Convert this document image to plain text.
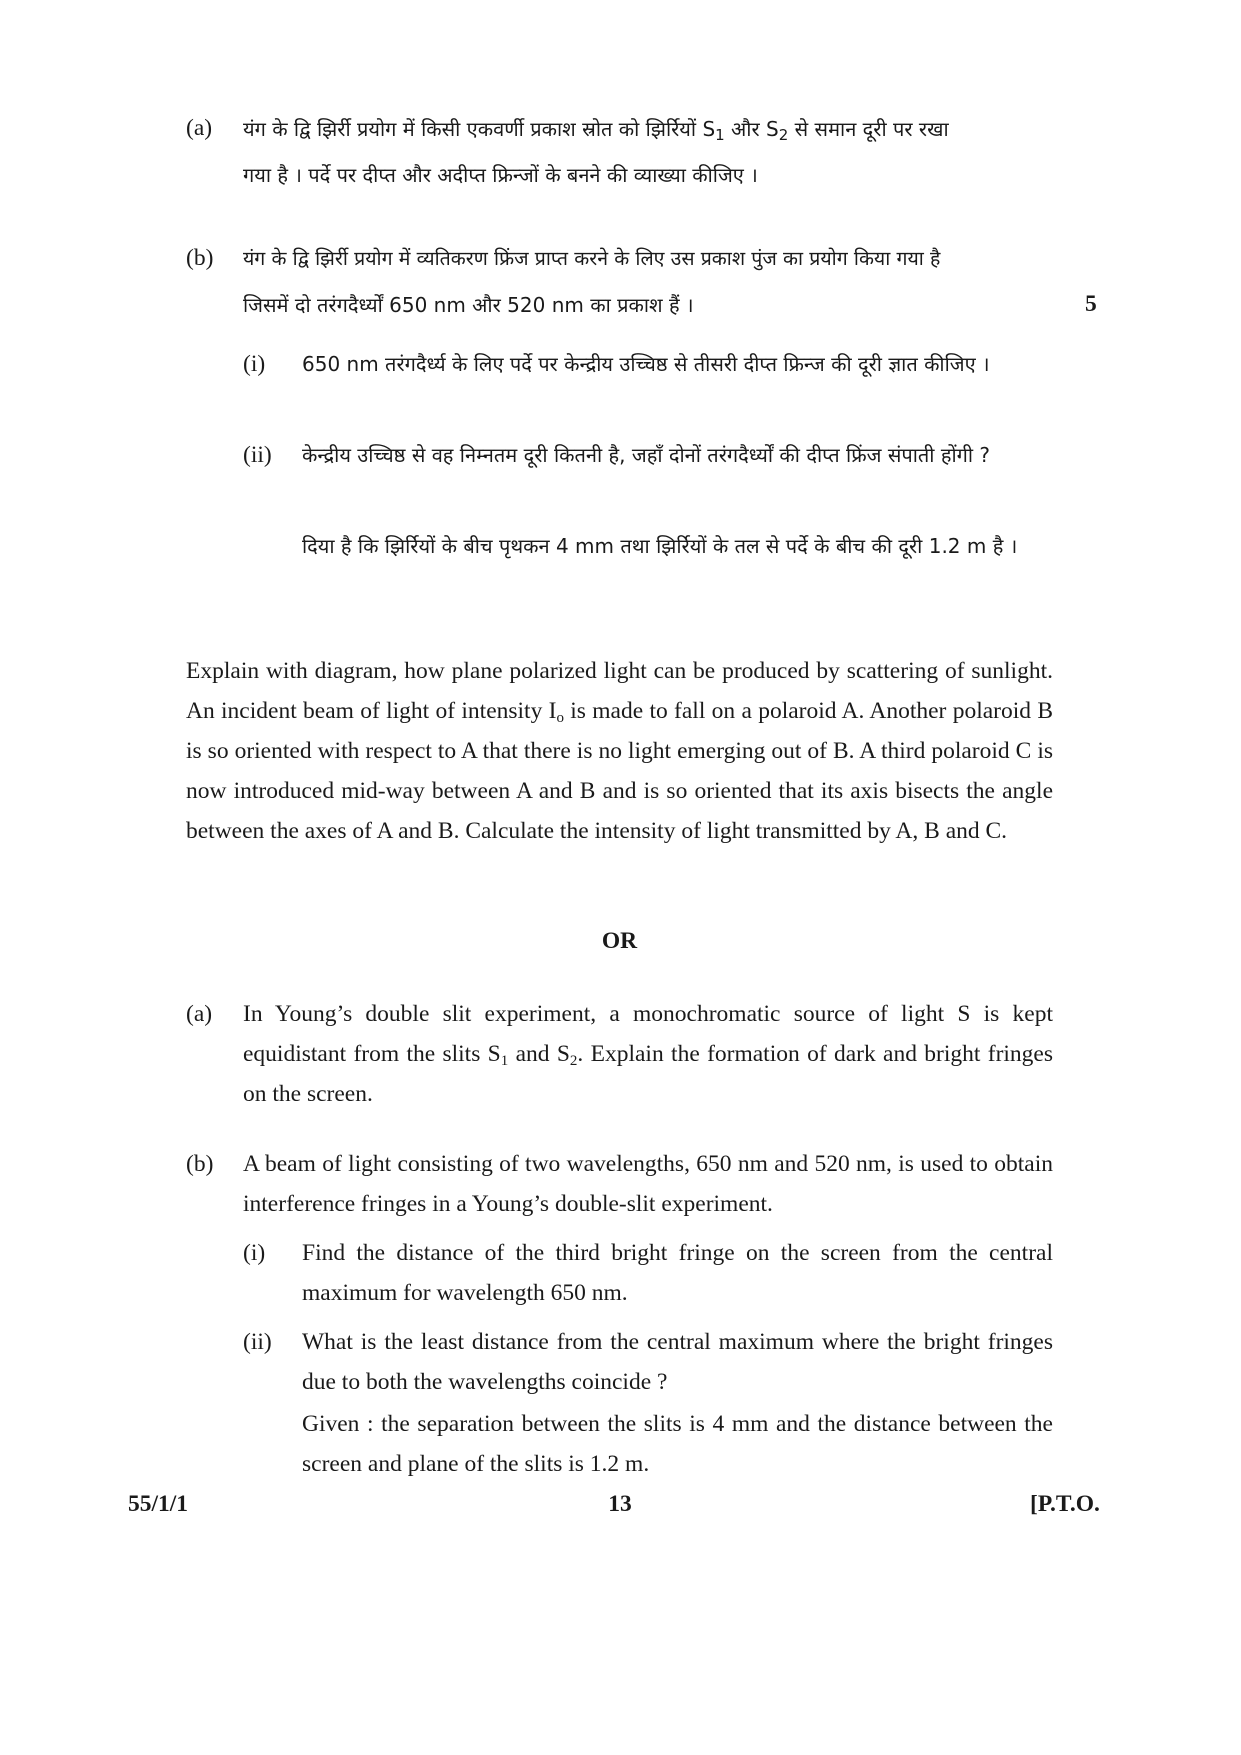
(a) यंग के द्वि झिर्री प्रयोग में किसी एकवर्णी प्रकाश स्रोत को झिर्रियों $S_1$ और $S_2$ से समान दूरी पर रखा
गया है । पर्दे पर दीप्त और अदीप्त फ्रिन्जों के बनने की व्याख्या कीजिए ।
(b) यंग के द्वि झिर्री प्रयोग में व्यतिकरण फ्रिंज प्राप्त करने के लिए उस प्रकाश पुंज का प्रयोग किया गया है
जिसमें दो तरंगदैर्ध्यों 650 nm और 520 nm का प्रकाश हैं ।	5
(i) 650 nm तरंगदैर्ध्य के लिए पर्दे पर केन्द्रीय उच्चिष्ठ से तीसरी दीप्त फ्रिन्ज की दूरी ज्ञात कीजिए ।
(ii) केन्द्रीय उच्चिष्ठ से वह निम्नतम दूरी कितनी है, जहाँ दोनों तरंगदैर्ध्यों की दीप्त फ्रिंज संपाती होंगी ?
दिया है कि झिर्रियों के बीच पृथकन 4 mm तथा झिर्रियों के तल से पर्दे के बीच की दूरी 1.2 m है ।
Explain with diagram, how plane polarized light can be produced by scattering of sunlight. An incident beam of light of intensity $I_o$ is made to fall on a polaroid A. Another polaroid B is so oriented with respect to A that there is no light emerging out of B. A third polaroid C is now introduced mid-way between A and B and is so oriented that its axis bisects the angle between the axes of A and B. Calculate the intensity of light transmitted by A, B and C.
OR
(a) In Young’s double slit experiment, a monochromatic source of light S is kept equidistant from the slits $S_1$ and $S_2$. Explain the formation of dark and bright fringes on the screen.
(b) A beam of light consisting of two wavelengths, 650 nm and 520 nm, is used to obtain interference fringes in a Young’s double-slit experiment.
(i) Find the distance of the third bright fringe on the screen from the central maximum for wavelength 650 nm.
(ii) What is the least distance from the central maximum where the bright fringes due to both the wavelengths coincide ?
Given : the separation between the slits is 4 mm and the distance between the screen and plane of the slits is 1.2 m.
55/1/1	13	[P.T.O.
